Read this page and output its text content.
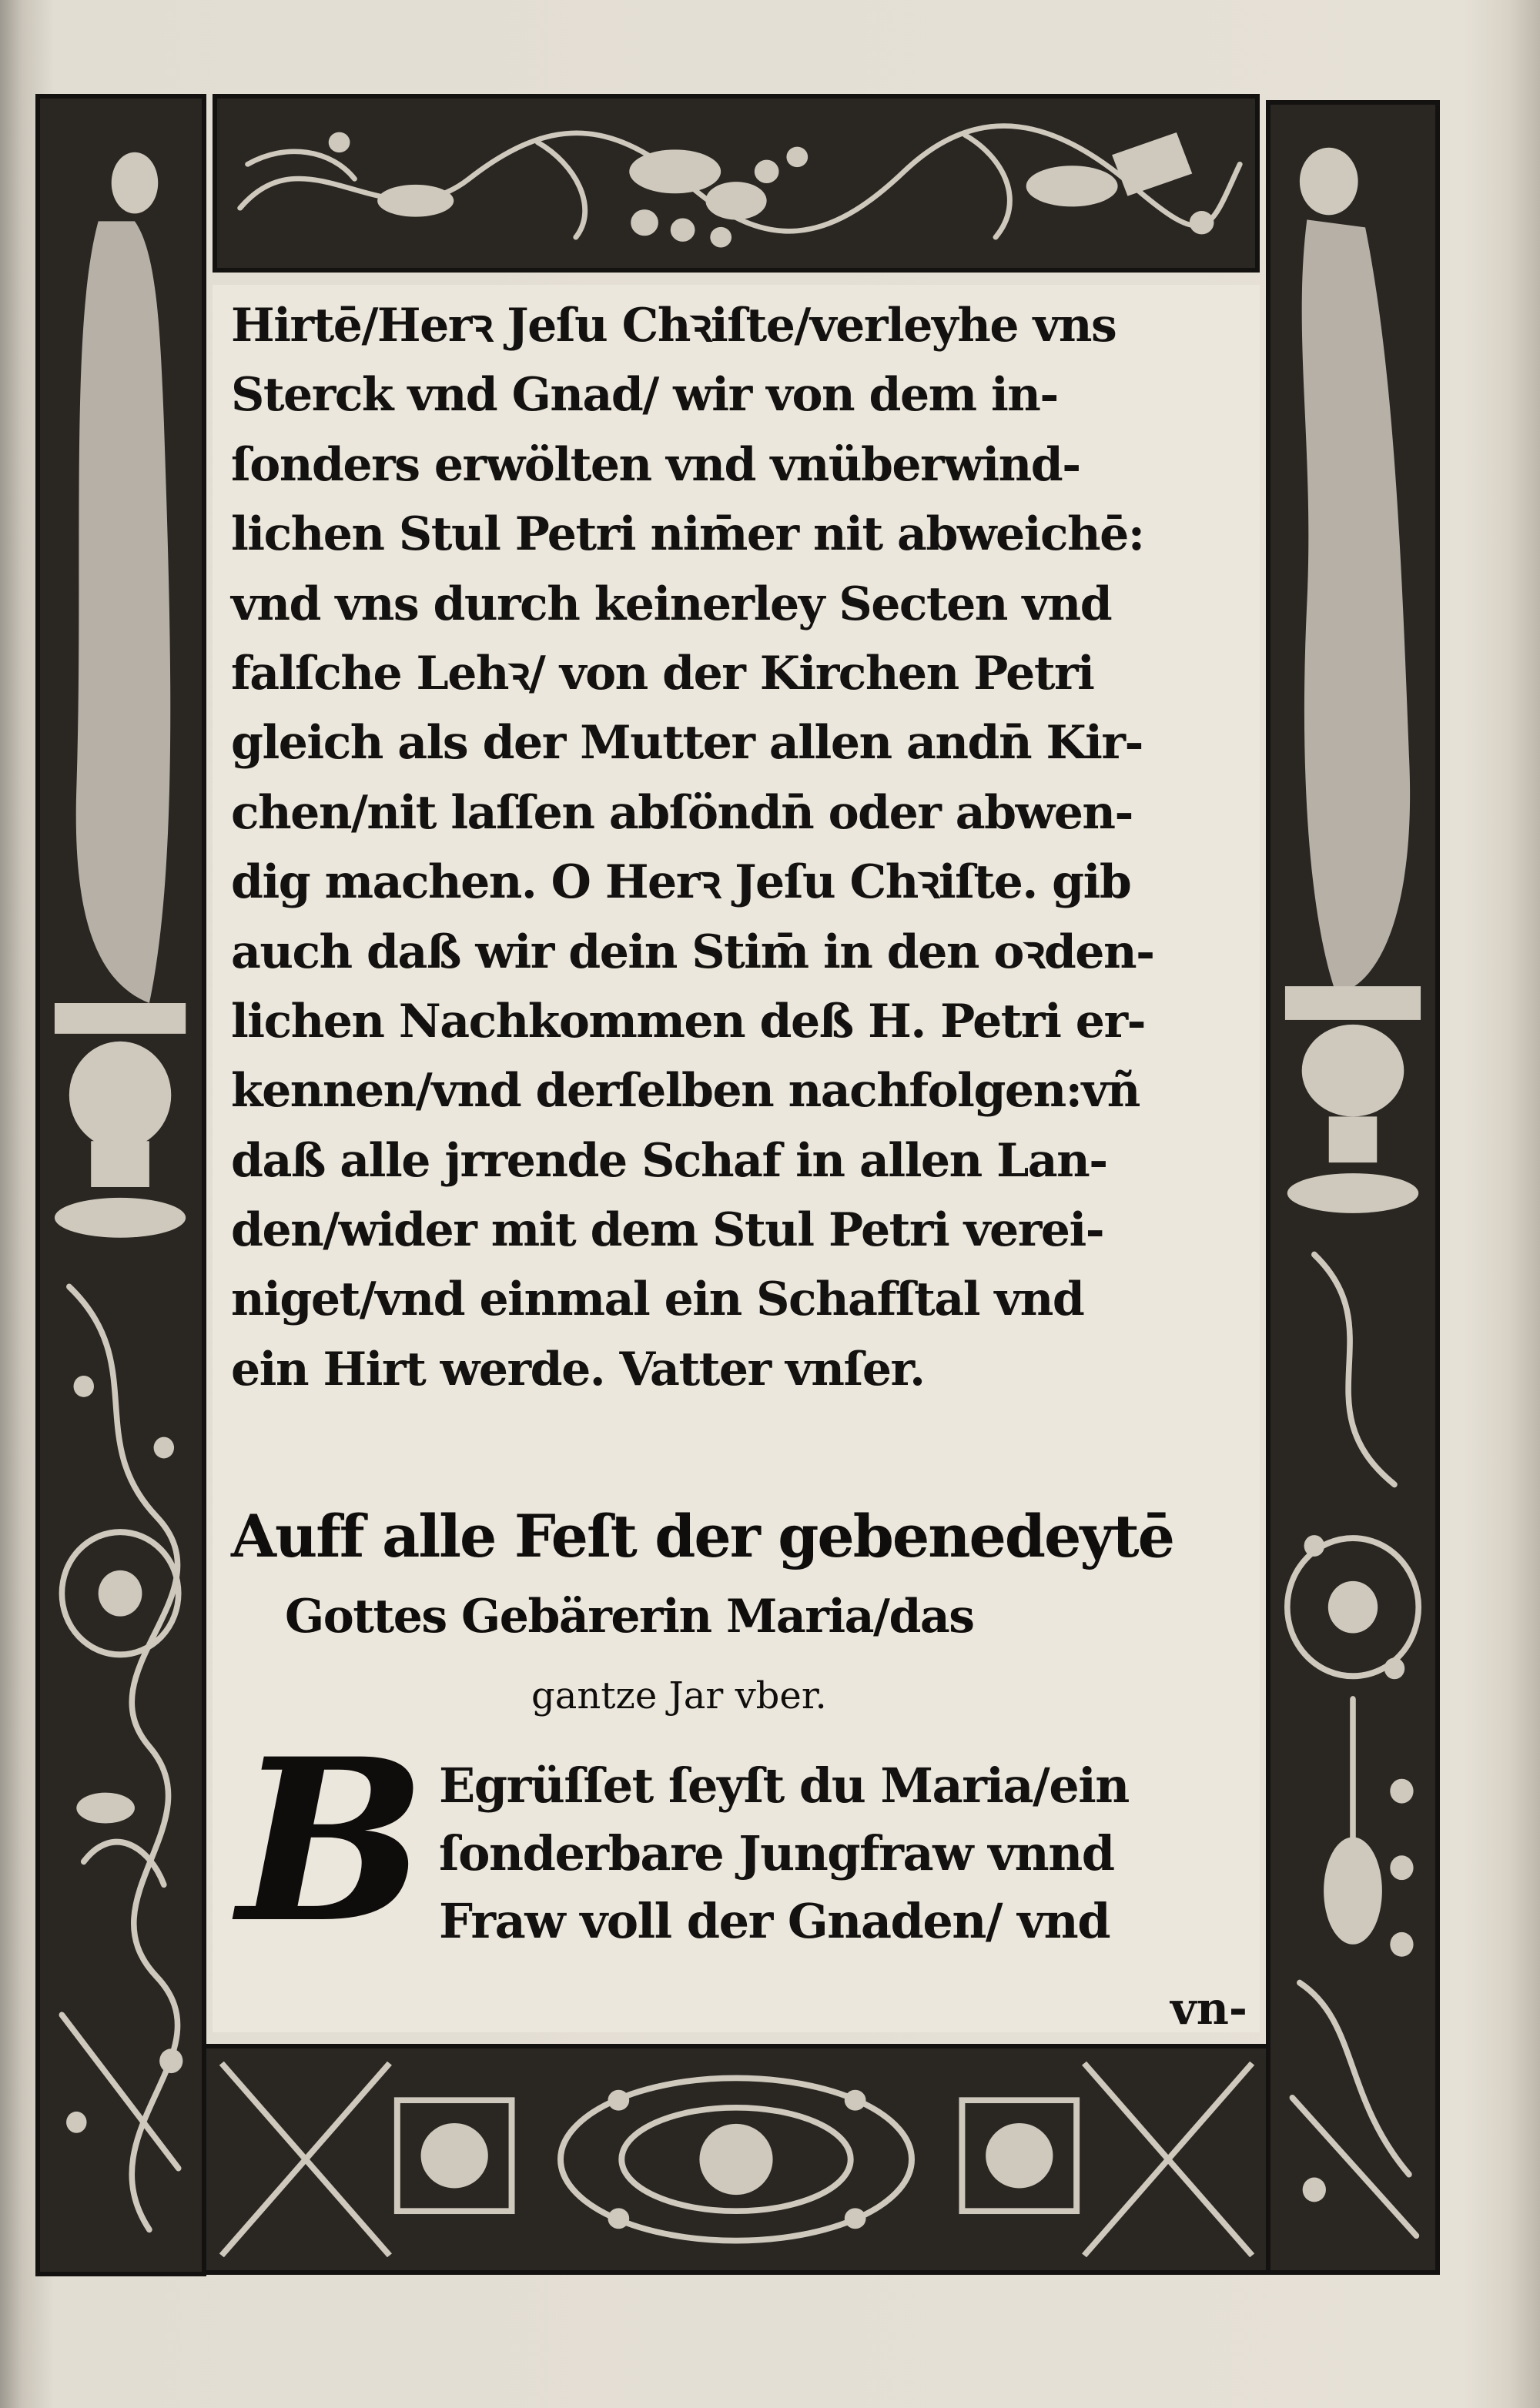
Hirtē/Herꝛ Jeſu Chꝛiſte/verleyhe vns
Sterck vnd Gnad/ wir von dem in-
ſonders erwölten vnd vnüberwind-
lichen Stul Petri nim̄er nit abweichē:
vnd vns durch keinerley Secten vnd
falſche Lehꝛ/ von der Kirchen Petri
gleich als der Mutter allen andn̄ Kir-
chen/nit laſſen abſöndn̄ oder abwen-
dig machen. O Herꝛ Jeſu Chꝛiſte. gib
auch daß wir dein Stim̄ in den oꝛden-
lichen Nachkommen deß H. Petri er-
kennen/vnd derſelben nachfolgen:vñ
daß alle jrrende Schaf in allen Lan-
den/wider mit dem Stul Petri verei-
niget/vnd einmal ein Schafſtal vnd
ein Hirt werde. Vatter vnſer.
Auff alle Feſt der gebenedeytē
Gottes Gebärerin Maria/das
gantze Jar vber.
B Egrüſſet ſeyſt du Maria/ein
ſonderbare Jungfraw vnnd
Fraw voll der Gnaden/ vnd
vn-
